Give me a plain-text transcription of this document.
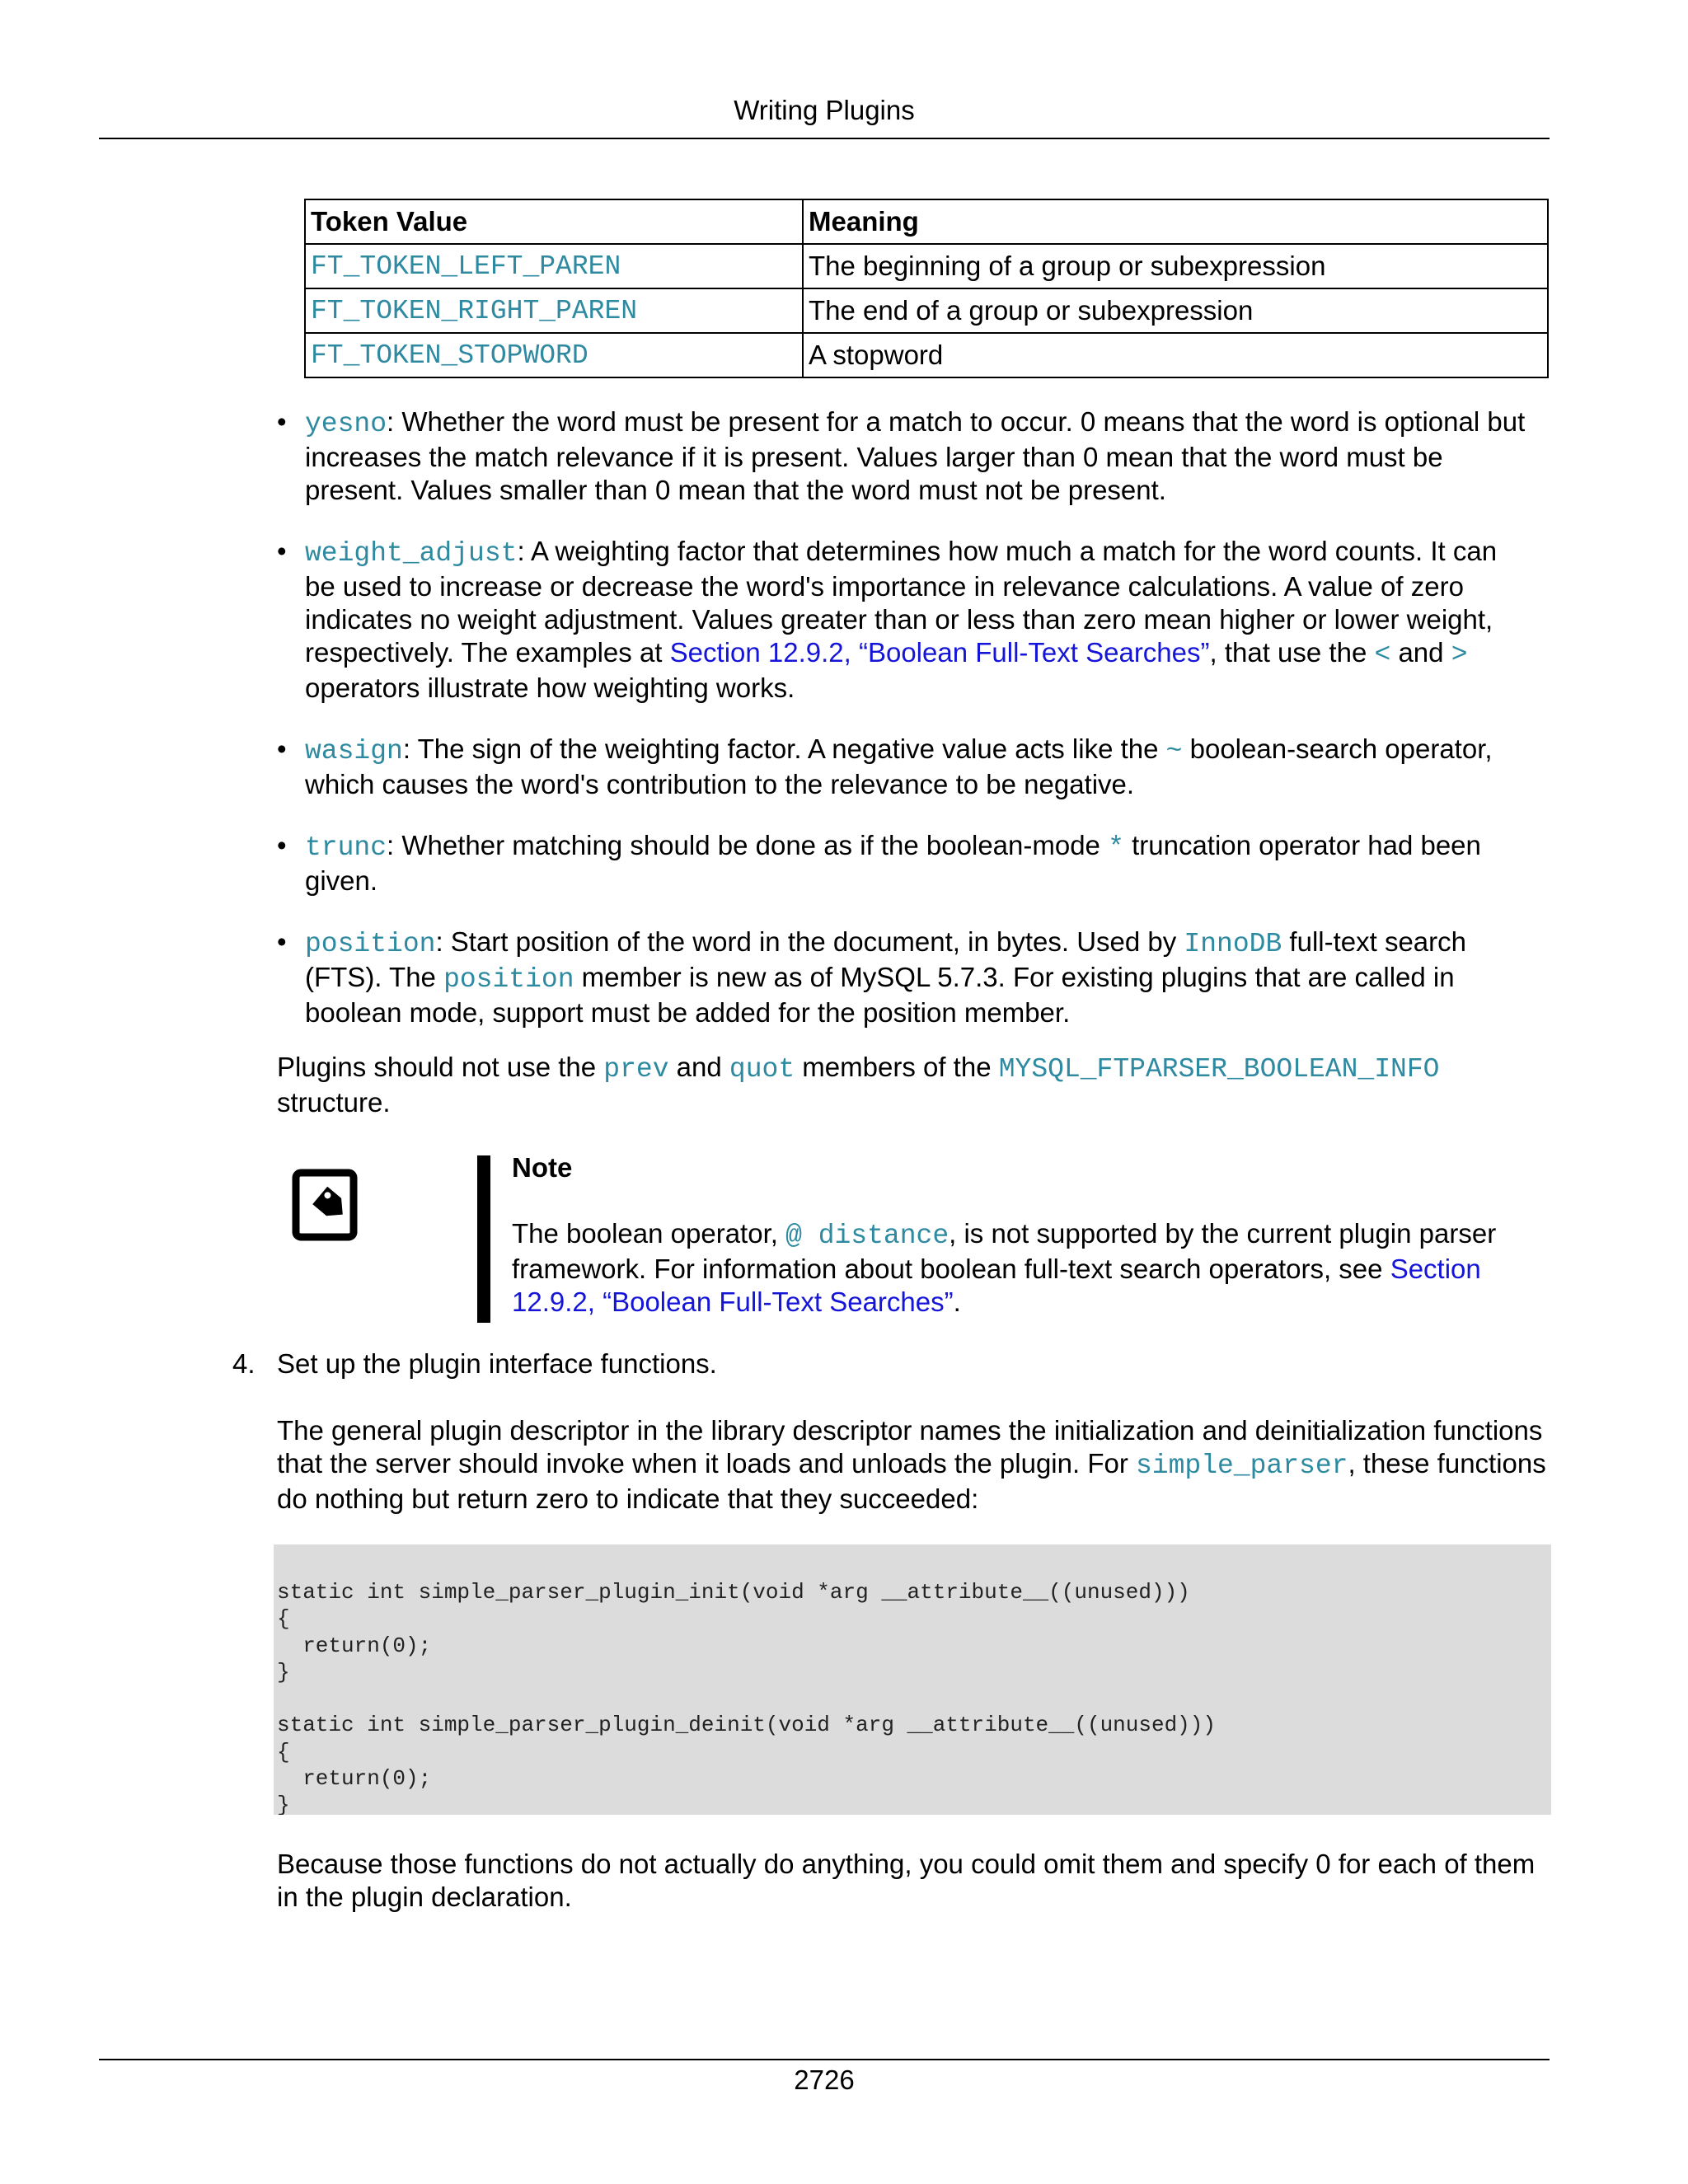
Writing Plugins
Token Value	Meaning
FT_TOKEN_LEFT_PAREN	The beginning of a group or subexpression
FT_TOKEN_RIGHT_PAREN	The end of a group or subexpression
FT_TOKEN_STOPWORD	A stopword
• yesno: Whether the word must be present for a match to occur. 0 means that the word is optional but increases the match relevance if it is present. Values larger than 0 mean that the word must be present. Values smaller than 0 mean that the word must not be present.
• weight_adjust: A weighting factor that determines how much a match for the word counts. It can be used to increase or decrease the word's importance in relevance calculations. A value of zero indicates no weight adjustment. Values greater than or less than zero mean higher or lower weight, respectively. The examples at Section 12.9.2, “Boolean Full-Text Searches”, that use the < and > operators illustrate how weighting works.
• wasign: The sign of the weighting factor. A negative value acts like the ~ boolean-search operator, which causes the word's contribution to the relevance to be negative.
• trunc: Whether matching should be done as if the boolean-mode * truncation operator had been given.
• position: Start position of the word in the document, in bytes. Used by InnoDB full-text search (FTS). The position member is new as of MySQL 5.7.3. For existing plugins that are called in boolean mode, support must be added for the position member.
Plugins should not use the prev and quot members of the MYSQL_FTPARSER_BOOLEAN_INFO structure.
Note
The boolean operator, @ distance, is not supported by the current plugin parser framework. For information about boolean full-text search operators, see Section 12.9.2, “Boolean Full-Text Searches”.
4. Set up the plugin interface functions.
The general plugin descriptor in the library descriptor names the initialization and deinitialization functions that the server should invoke when it loads and unloads the plugin. For simple_parser, these functions do nothing but return zero to indicate that they succeeded:
static int simple_parser_plugin_init(void *arg __attribute__((unused)))
{
return(0);
}

static int simple_parser_plugin_deinit(void *arg __attribute__((unused)))
{
return(0);
}
Because those functions do not actually do anything, you could omit them and specify 0 for each of them in the plugin declaration.
2726
